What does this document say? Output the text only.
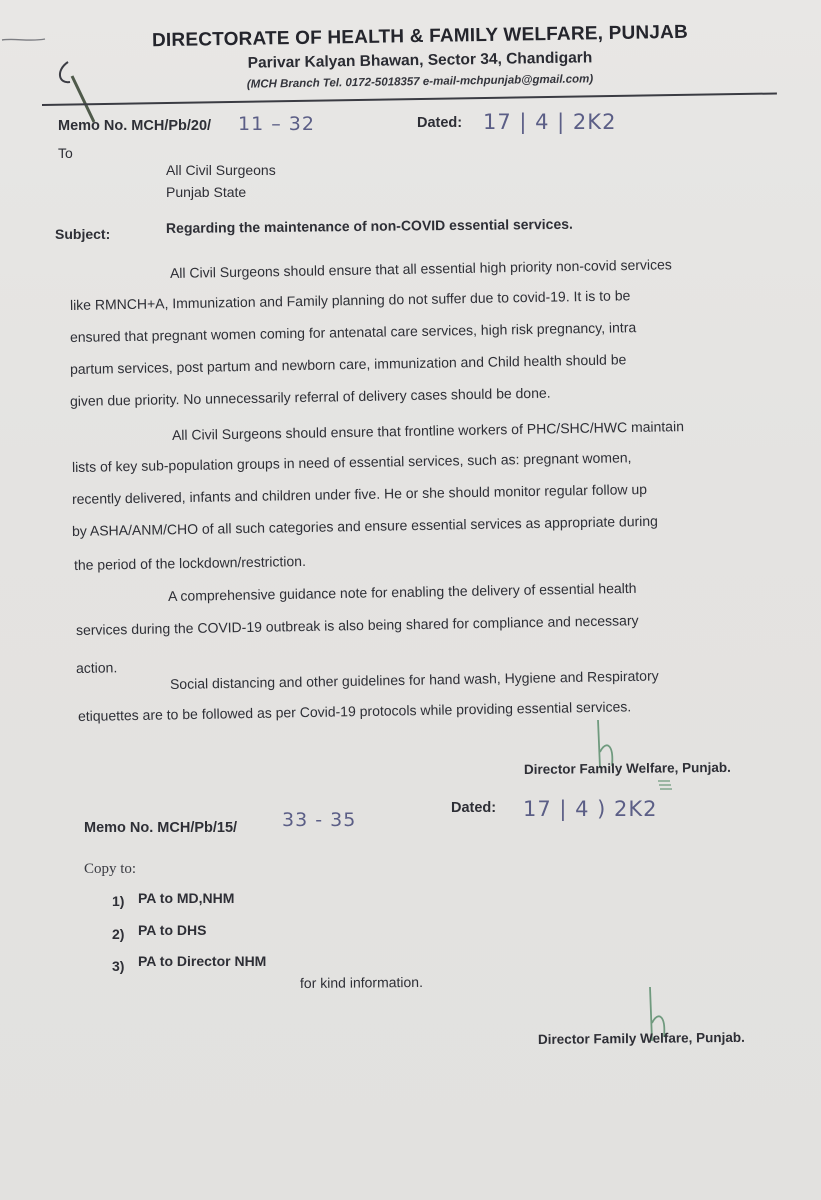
DIRECTORATE OF HEALTH & FAMILY WELFARE, PUNJAB
Parivar Kalyan Bhawan, Sector 34, Chandigarh
(MCH Branch Tel. 0172-5018357 e-mail-mchpunjab@gmail.com)
Memo No. MCH/Pb/20/ 11 – 32	Dated: 17 | 4 | 2K2
To
All Civil Surgeons
Punjab State
Subject:	Regarding the maintenance of non-COVID essential services.
All Civil Surgeons should ensure that all essential high priority non-covid services
like RMNCH+A, Immunization and Family planning do not suffer due to covid-19. It is to be
ensured that pregnant women coming for antenatal care services, high risk pregnancy, intra
partum services, post partum and newborn care, immunization and Child health should be
given due priority. No unnecessarily referral of delivery cases should be done.
All Civil Surgeons should ensure that frontline workers of PHC/SHC/HWC maintain
lists of key sub-population groups in need of essential services, such as: pregnant women,
recently delivered, infants and children under five. He or she should monitor regular follow up
by ASHA/ANM/CHO of all such categories and ensure essential services as appropriate during
the period of the lockdown/restriction.
A comprehensive guidance note for enabling the delivery of essential health
services during the COVID-19 outbreak is also being shared for compliance and necessary
action.	Social distancing and other guidelines for hand wash, Hygiene and Respiratory
etiquettes are to be followed as per Covid-19 protocols while providing essential services.
Director Family Welfare, Punjab.
Memo No. MCH/Pb/15/ 33 - 35
Dated: 17 | 4 ) 2K2
Copy to:
1) PA to MD,NHM
2) PA to DHS
3) PA to Director NHM
for kind information.
Director Family Welfare, Punjab.
